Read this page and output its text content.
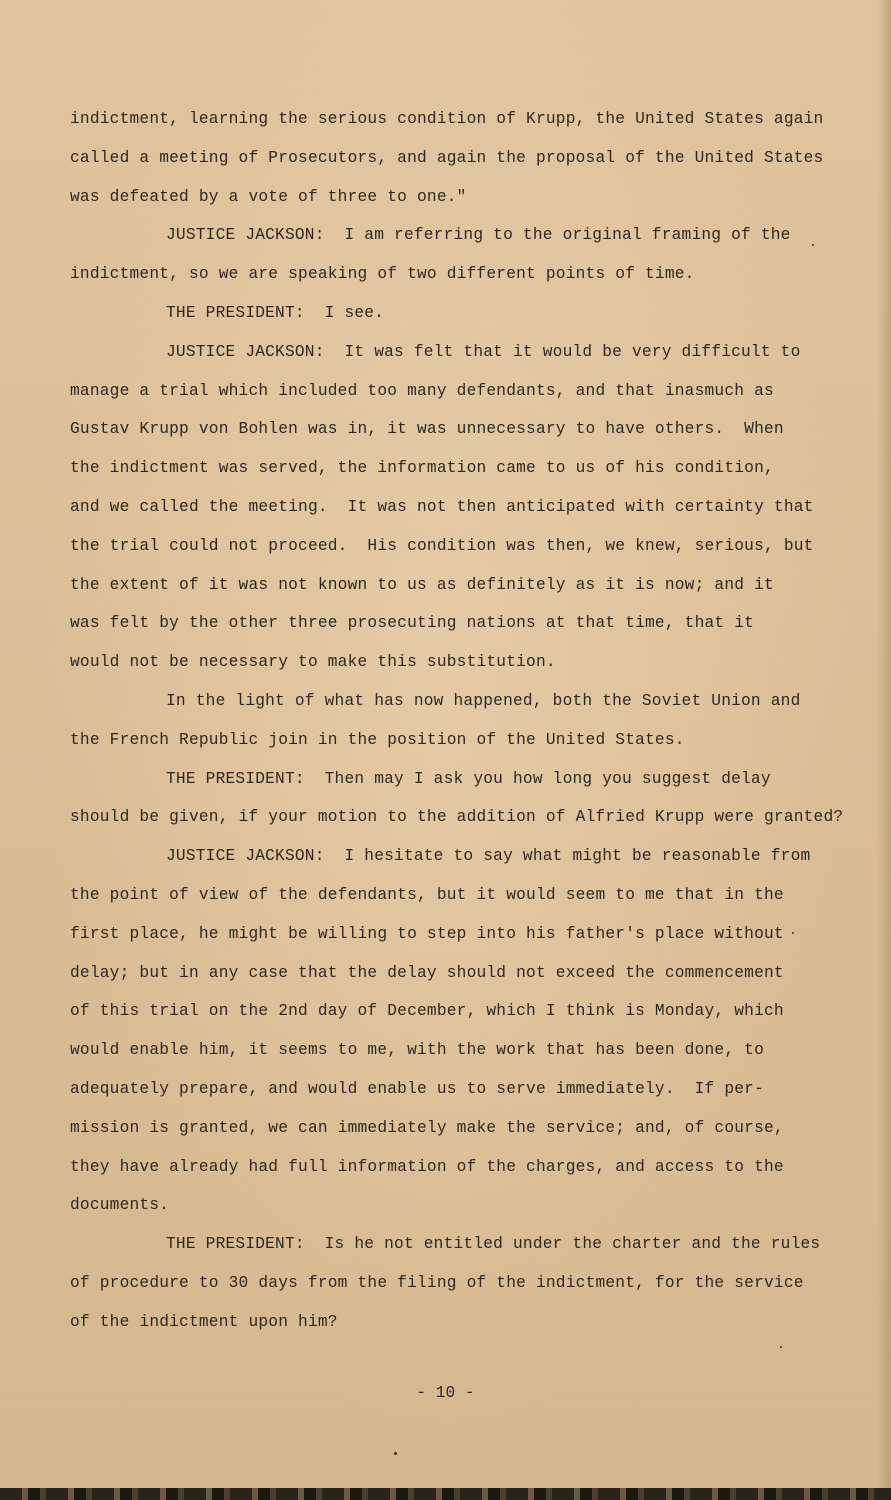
indictment, learning the serious condition of Krupp, the United States again
called a meeting of Prosecutors, and again the proposal of the United States
was defeated by a vote of three to one."
JUSTICE JACKSON:  I am referring to the original framing of the
indictment, so we are speaking of two different points of time.
THE PRESIDENT:  I see.
JUSTICE JACKSON:  It was felt that it would be very difficult to
manage a trial which included too many defendants, and that inasmuch as
Gustav Krupp von Bohlen was in, it was unnecessary to have others.  When
the indictment was served, the information came to us of his condition,
and we called the meeting.  It was not then anticipated with certainty that
the trial could not proceed.  His condition was then, we knew, serious, but
the extent of it was not known to us as definitely as it is now; and it
was felt by the other three prosecuting nations at that time, that it
would not be necessary to make this substitution.
In the light of what has now happened, both the Soviet Union and
the French Republic join in the position of the United States.
THE PRESIDENT:  Then may I ask you how long you suggest delay
should be given, if your motion to the addition of Alfried Krupp were granted?
JUSTICE JACKSON:  I hesitate to say what might be reasonable from
the point of view of the defendants, but it would seem to me that in the
first place, he might be willing to step into his father's place without
delay; but in any case that the delay should not exceed the commencement
of this trial on the 2nd day of December, which I think is Monday, which
would enable him, it seems to me, with the work that has been done, to
adequately prepare, and would enable us to serve immediately.  If per-
mission is granted, we can immediately make the service; and, of course,
they have already had full information of the charges, and access to the
documents.
THE PRESIDENT:  Is he not entitled under the charter and the rules
of procedure to 30 days from the filing of the indictment, for the service
of the indictment upon him?
- 10 -
